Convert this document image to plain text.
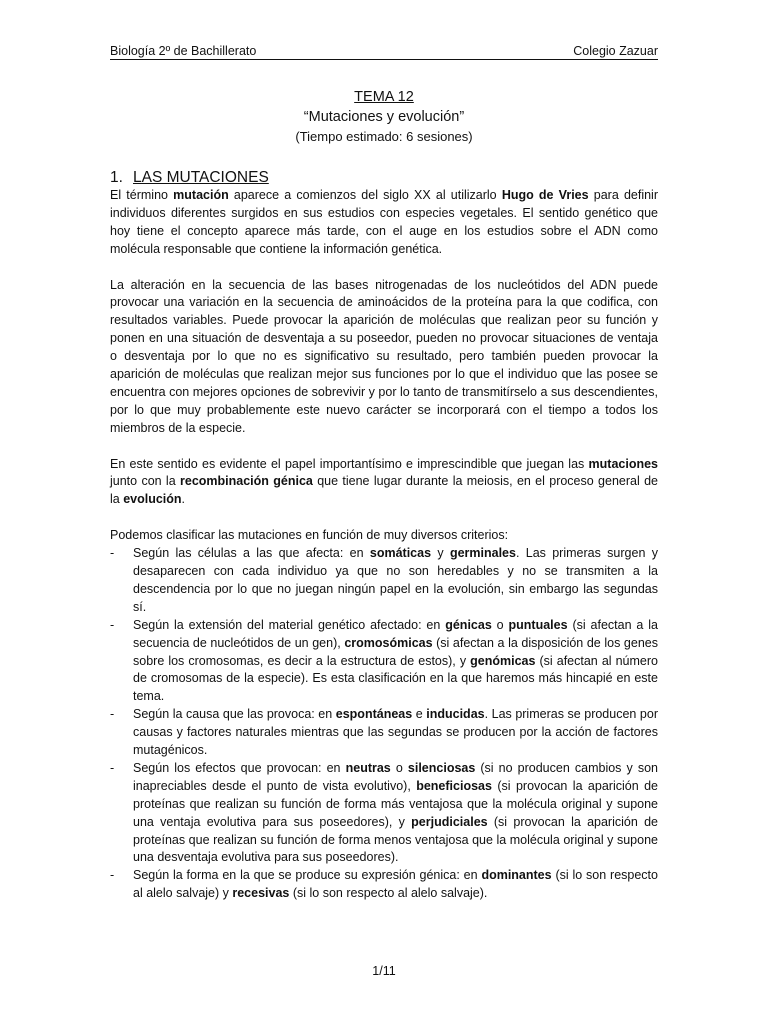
Biología 2º de Bachillerato	Colegio Zazuar
TEMA 12
“Mutaciones y evolución”
(Tiempo estimado: 6 sesiones)
1. LAS MUTACIONES

El término mutación aparece a comienzos del siglo XX al utilizarlo Hugo de Vries para definir individuos diferentes surgidos en sus estudios con especies vegetales. El sentido genético que hoy tiene el concepto aparece más tarde, con el auge en los estudios sobre el ADN como molécula responsable que contiene la información genética.

La alteración en la secuencia de las bases nitrogenadas de los nucleótidos del ADN puede provocar una variación en la secuencia de aminoácidos de la proteína para la que codifica, con resultados variables. Puede provocar la aparición de moléculas que realizan peor su función y ponen en una situación de desventaja a su poseedor, pueden no provocar situaciones de ventaja o desventaja por lo que no es significativo su resultado, pero también pueden provocar la aparición de moléculas que realizan mejor sus funciones por lo que el individuo que las posee se encuentra con mejores opciones de sobrevivir y por lo tanto de transmitírselo a sus descendientes, por lo que muy probablemente este nuevo carácter se incorporará con el tiempo a todos los miembros de la especie.

En este sentido es evidente el papel importantísimo e imprescindible que juegan las mutaciones junto con la recombinación génica que tiene lugar durante la meiosis, en el proceso general de la evolución.

Podemos clasificar las mutaciones en función de muy diversos criterios:

- Según las células a las que afecta: en somáticas y germinales. Las primeras surgen y desaparecen con cada individuo ya que no son heredables y no se transmiten a la descendencia por lo que no juegan ningún papel en la evolución, sin embargo las segundas sí.
- Según la extensión del material genético afectado: en génicas o puntuales (si afectan a la secuencia de nucleótidos de un gen), cromosómicas (si afectan a la disposición de los genes sobre los cromosomas, es decir a la estructura de estos), y genómicas (si afectan al número de cromosomas de la especie). Es esta clasificación en la que haremos más hincapié en este tema.
- Según la causa que las provoca: en espontáneas e inducidas. Las primeras se producen por causas y factores naturales mientras que las segundas se producen por la acción de factores mutagénicos.
- Según los efectos que provocan: en neutras o silenciosas (si no producen cambios y son inapreciables desde el punto de vista evolutivo), beneficiosas (si provocan la aparición de proteínas que realizan su función de forma más ventajosa que la molécula original y supone una ventaja evolutiva para sus poseedores), y perjudiciales (si provocan la aparición de proteínas que realizan su función de forma menos ventajosa que la molécula original y supone una desventaja evolutiva para sus poseedores).
- Según la forma en la que se produce su expresión génica: en dominantes (si lo son respecto al alelo salvaje) y recesivas (si lo son respecto al alelo salvaje).
1/11
